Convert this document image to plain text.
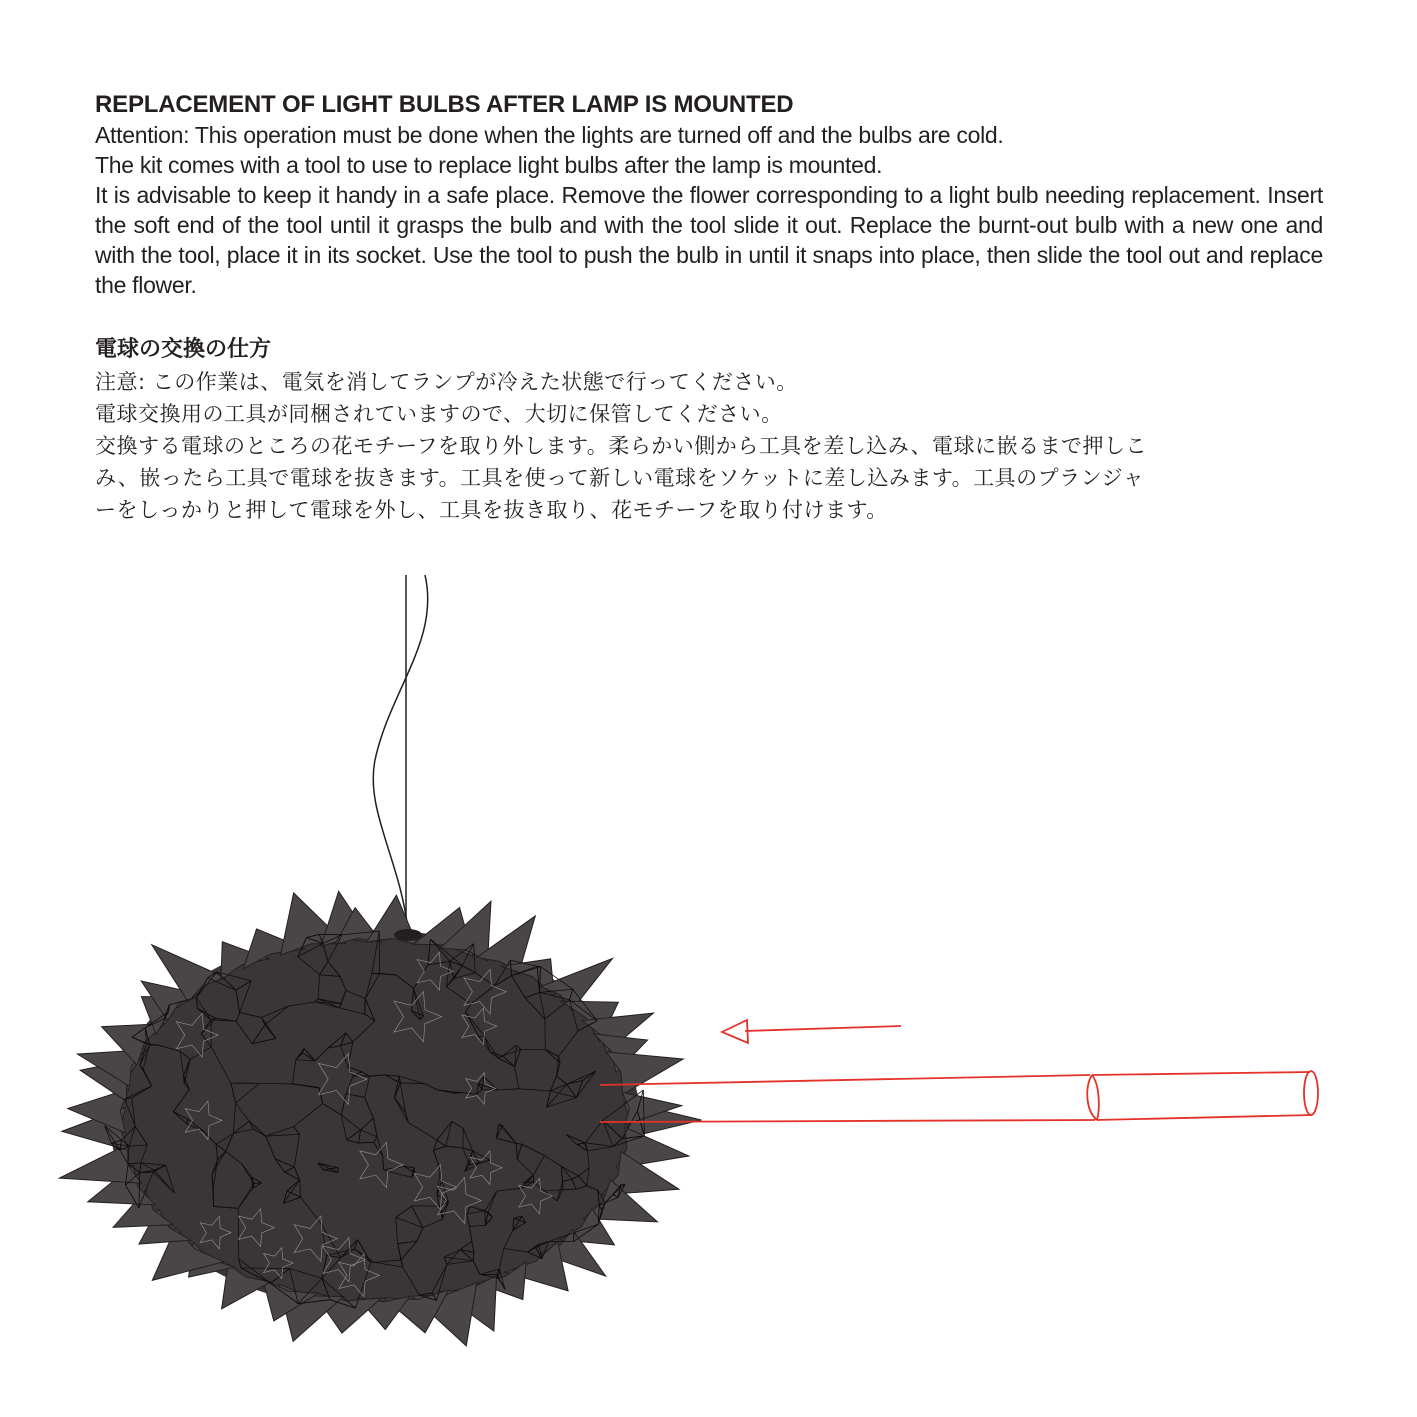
REPLACEMENT OF LIGHT BULBS AFTER LAMP IS MOUNTED

Attention: This operation must be done when the lights are turned off and the bulbs are cold.

The kit comes with a tool to use to replace light bulbs after the lamp is mounted.

It is advisable to keep it handy in a safe place. Remove the flower corresponding to a light bulb needing replacement. Insert the soft end of the tool until it grasps the bulb and with the tool slide it out. Replace the burnt-out bulb with a new one and with the tool, place it in its socket. Use the tool to push the bulb in until it snaps into place, then slide the tool out and replace the flower.

電球の交換の仕方

注意: この作業は、電気を消してランプが冷えた状態で行ってください。

電球交換用の工具が同梱されていますので、大切に保管してください。

交換する電球のところの花モチーフを取り外します。柔らかい側から工具を差し込み、電球に嵌るまで押しこ

み、嵌ったら工具で電球を抜きます。工具を使って新しい電球をソケットに差し込みます。工具のプランジャ

ーをしっかりと押して電球を外し、工具を抜き取り、花モチーフを取り付けます。
